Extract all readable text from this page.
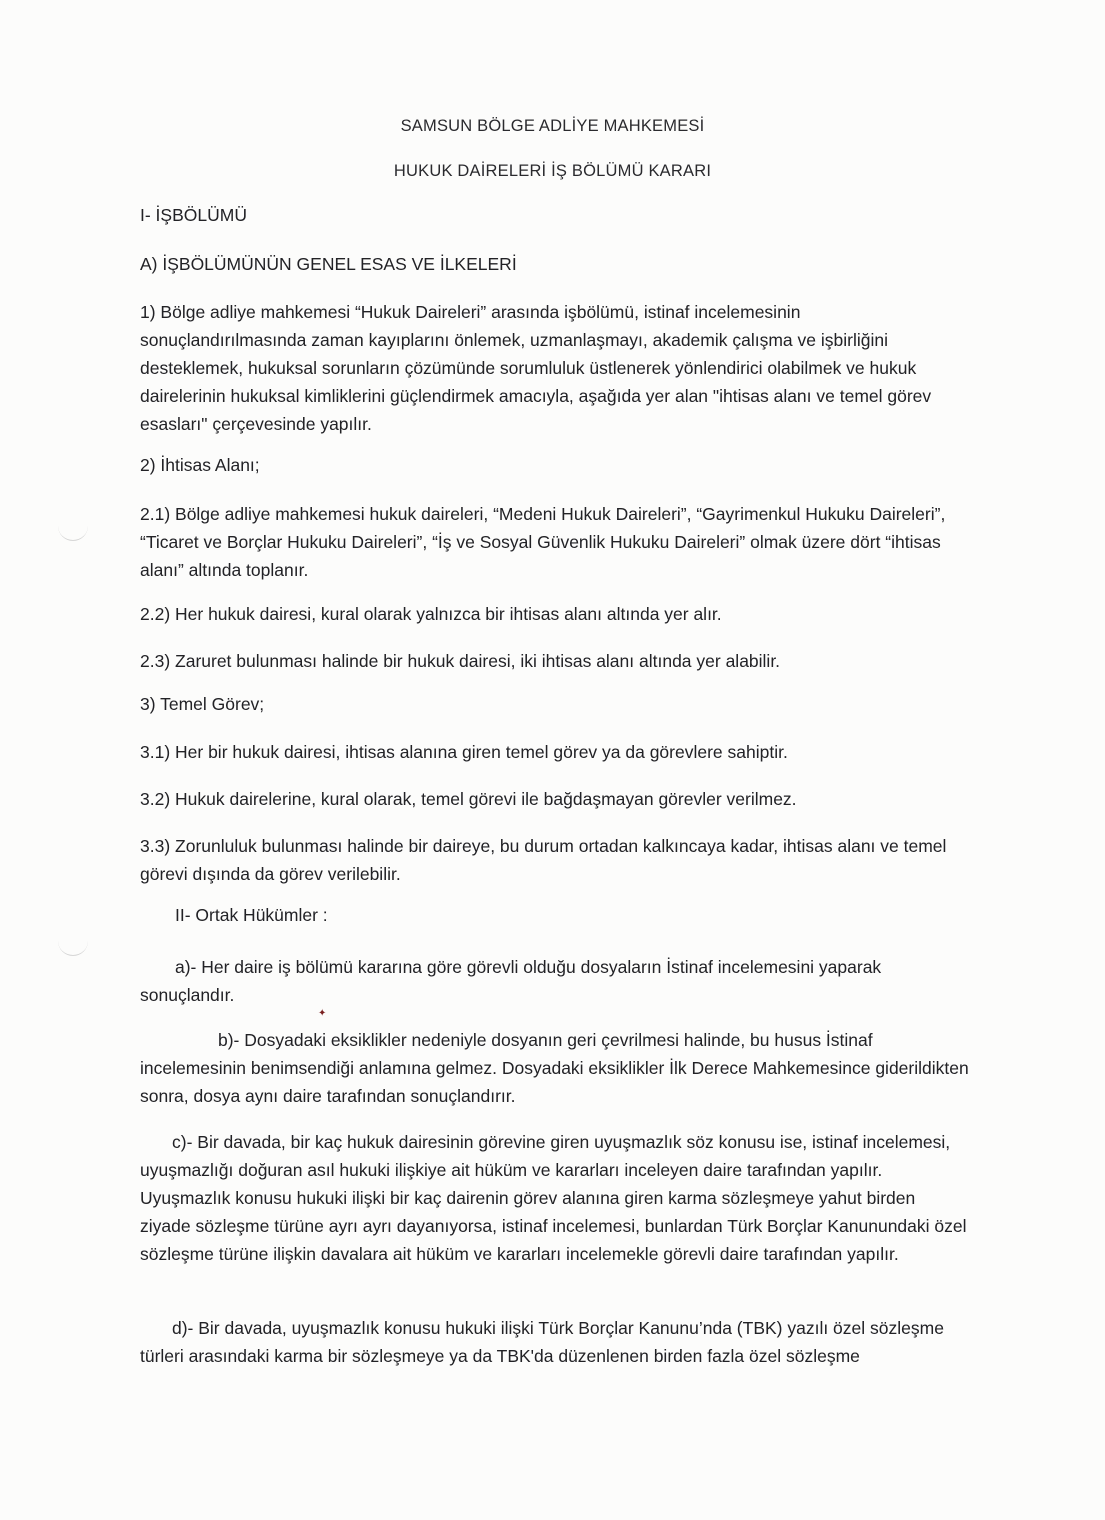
SAMSUN BÖLGE ADLİYE MAHKEMESİ
HUKUK DAİRELERİ İŞ BÖLÜMÜ KARARI
I- İŞBÖLÜMÜ
A) İŞBÖLÜMÜNÜN GENEL ESAS VE İLKELERİ
1) Bölge adliye mahkemesi “Hukuk Daireleri” arasında işbölümü, istinaf incelemesinin sonuçlandırılmasında zaman kayıplarını önlemek, uzmanlaşmayı, akademik çalışma ve işbirliğini desteklemek, hukuksal sorunların çözümünde sorumluluk üstlenerek yönlendirici olabilmek ve hukuk dairelerinin hukuksal kimliklerini güçlendirmek amacıyla, aşağıda yer alan "ihtisas alanı ve temel görev esasları" çerçevesinde yapılır.
2) İhtisas Alanı;
2.1) Bölge adliye mahkemesi hukuk daireleri, “Medeni Hukuk Daireleri”, “Gayrimenkul Hukuku Daireleri”, “Ticaret ve Borçlar Hukuku Daireleri”, “İş ve Sosyal Güvenlik Hukuku Daireleri” olmak üzere dört “ihtisas alanı” altında toplanır.
2.2) Her hukuk dairesi, kural olarak yalnızca bir ihtisas alanı altında yer alır.
2.3) Zaruret bulunması halinde bir hukuk dairesi, iki ihtisas alanı altında yer alabilir.
3) Temel Görev;
3.1) Her bir hukuk dairesi, ihtisas alanına giren temel görev ya da görevlere sahiptir.
3.2) Hukuk dairelerine, kural olarak, temel görevi ile bağdaşmayan görevler verilmez.
3.3) Zorunluluk bulunması halinde bir daireye, bu durum ortadan kalkıncaya kadar, ihtisas alanı ve temel görevi dışında da görev verilebilir.
II- Ortak Hükümler :
a)- Her daire iş bölümü kararına göre görevli olduğu dosyaların İstinaf incelemesini yaparak sonuçlandır.
✦
b)- Dosyadaki eksiklikler nedeniyle dosyanın geri çevrilmesi halinde, bu husus İstinaf incelemesinin benimsendiği anlamına gelmez. Dosyadaki eksiklikler İlk Derece Mahkemesince giderildikten sonra, dosya aynı daire tarafından sonuçlandırır.
c)- Bir davada, bir kaç hukuk dairesinin görevine giren uyuşmazlık söz konusu ise, istinaf incelemesi, uyuşmazlığı doğuran asıl hukuki ilişkiye ait hüküm ve kararları inceleyen daire tarafından yapılır. Uyuşmazlık konusu hukuki ilişki bir kaç dairenin görev alanına giren karma sözleşmeye yahut birden ziyade sözleşme türüne ayrı ayrı dayanıyorsa, istinaf incelemesi, bunlardan Türk Borçlar Kanunundaki özel sözleşme türüne ilişkin davalara ait hüküm ve kararları incelemekle görevli daire tarafından yapılır.
d)- Bir davada, uyuşmazlık konusu hukuki ilişki Türk Borçlar Kanunu’nda (TBK) yazılı özel sözleşme türleri arasındaki karma bir sözleşmeye ya da TBK'da düzenlenen birden fazla özel sözleşme
